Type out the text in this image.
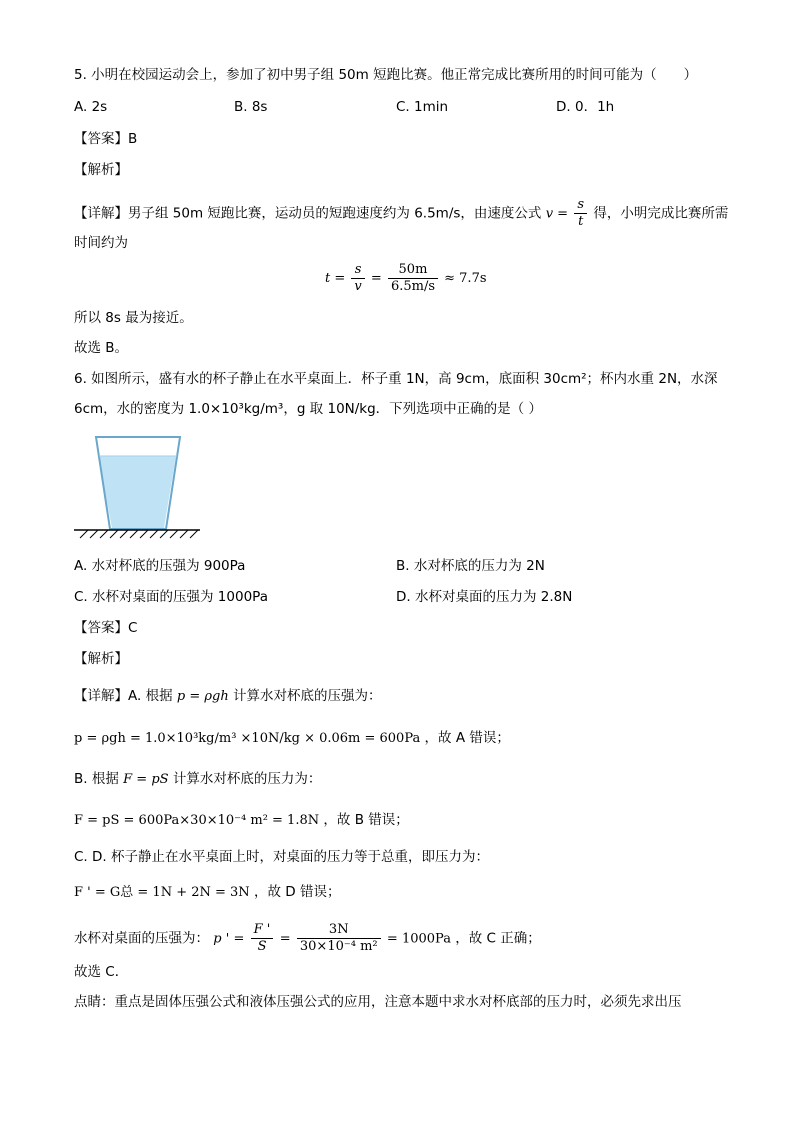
5. 小明在校园运动会上，参加了初中男子组 50m 短跑比赛。他正常完成比赛所用的时间可能为（　　）
A. 2s	B. 8s	C. 1min	D. 0．1h
【答案】B
【解析】
【详解】男子组 50m 短跑比赛，运动员的短跑速度约为 6.5m/s，由速度公式 $v = \frac{s}{t}$ 得，小明完成比赛所需
时间约为
$t = \frac{s}{v} = \frac{50m}{6.5m/s} \approx 7.7s$
所以 8s 最为接近。
故选 B。
6. 如图所示，盛有水的杯子静止在水平桌面上．杯子重 1N，高 9cm，底面积 30cm²；杯内水重 2N，水深
6cm，水的密度为 1.0×10³kg/m³，g 取 10N/kg．下列选项中正确的是（ ）
A. 水对杯底的压强为 900Pa	B. 水对杯底的压力为 2N
C. 水杯对桌面的压强为 1000Pa	D. 水杯对桌面的压力为 2.8N
【答案】C
【解析】
【详解】A. 根据 p = ρgh 计算水对杯底的压强为：
p = ρgh = 1.0×10³kg/m³ ×10N/kg × 0.06m = 600Pa ，故 A 错误；
B. 根据 F = pS 计算水对杯底的压力为：
F = pS = 600Pa×30×10⁻⁴ m² = 1.8N ，故 B 错误；
C. D. 杯子静止在水平桌面上时，对桌面的压力等于总重，即压力为：
F ' = G总 = 1N + 2N = 3N ，故 D 错误；
水杯对桌面的压强为： p ' = $\frac{F '}{S} = \frac{3N}{\text{30×10⁻⁴ m²}} = 1000Pa$ ，故 C 正确；
故选 C．
点睛：重点是固体压强公式和液体压强公式的应用，注意本题中求水对杯底部的压力时，必须先求出压
